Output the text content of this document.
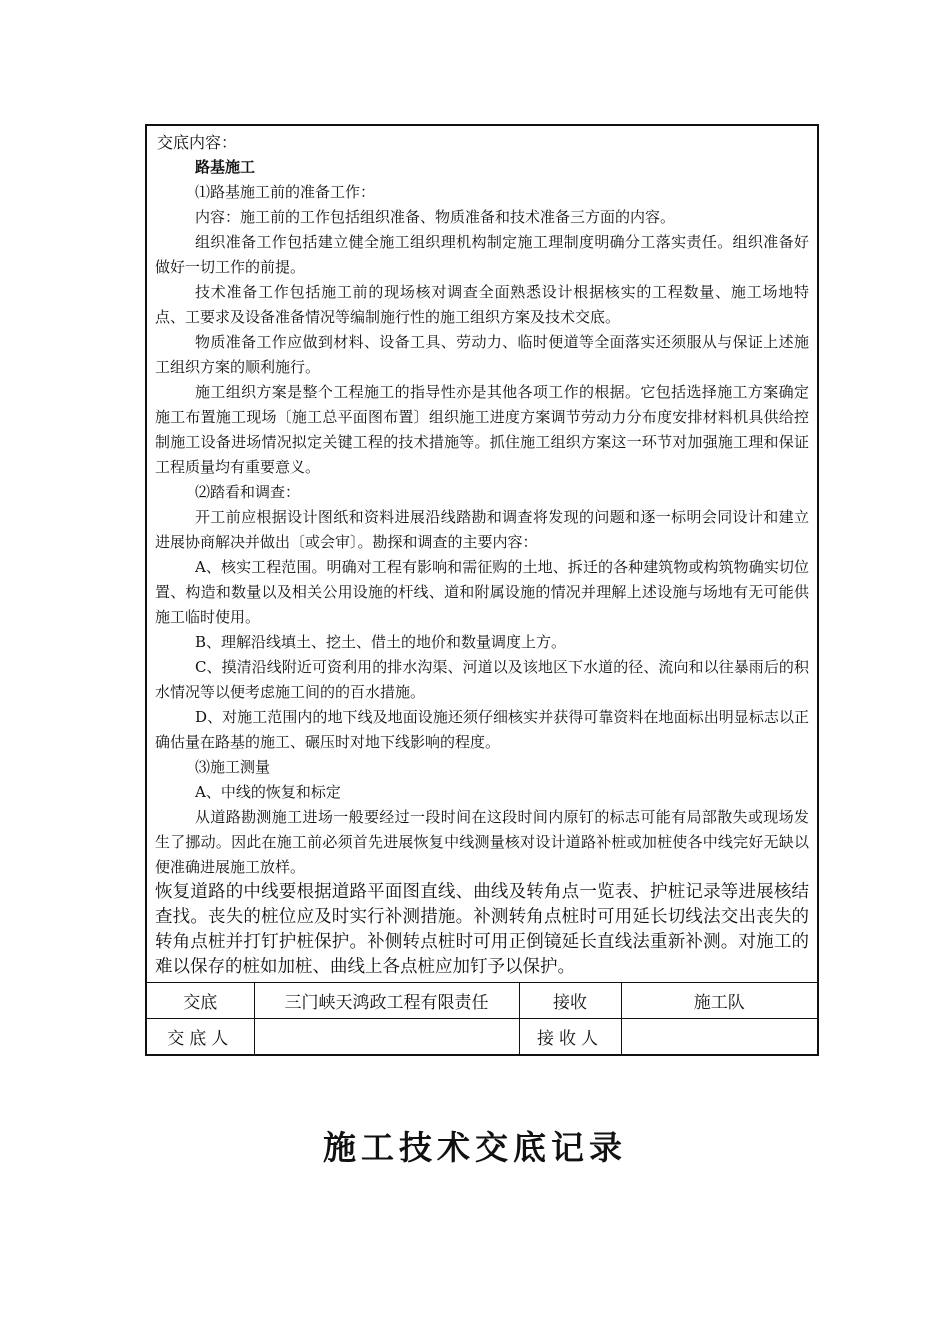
交底内容：

路基施工

⑴路基施工前的准备工作：

内容：施工前的工作包括组织准备、物质准备和技术准备三方面的内容。

组织准备工作包括建立健全施工组织理机构制定施工理制度明确分工落实责任。组织准备好做好一切工作的前提。

技术准备工作包括施工前的现场核对调查全面熟悉设计根据核实的工程数量、施工场地特点、工要求及设备准备情况等编制施行性的施工组织方案及技术交底。

物质准备工作应做到材料、设备工具、劳动力、临时便道等全面落实还须服从与保证上述施工组织方案的顺利施行。

施工组织方案是整个工程施工的指导性亦是其他各项工作的根据。它包括选择施工方案确定施工布置施工现场〔施工总平面图布置〕组织施工进度方案调节劳动力分布度安排材料机具供给控制施工设备进场情况拟定关键工程的技术措施等。抓住施工组织方案这一环节对加强施工理和保证工程质量均有重要意义。

⑵踏看和调查：

开工前应根据设计图纸和资料进展沿线踏勘和调查将发现的问题和逐一标明会同设计和建立进展协商解决并做出〔或会审〕。勘探和调查的主要内容：

A、核实工程范围。明确对工程有影响和需征购的土地、拆迁的各种建筑物或构筑物确实切位置、构造和数量以及相关公用设施的杆线、道和附属设施的情况并理解上述设施与场地有无可能供施工临时使用。

B、理解沿线填土、挖土、借土的地价和数量调度上方。

C、摸清沿线附近可资利用的排水沟渠、河道以及该地区下水道的径、流向和以往暴雨后的积水情况等以便考虑施工间的的百水措施。

D、对施工范围内的地下线及地面设施还须仔细核实并获得可靠资料在地面标出明显标志以正确估量在路基的施工、碾压时对地下线影响的程度。

⑶施工测量

A、中线的恢复和标定

从道路勘测施工进场一般要经过一段时间在这段时间内原钉的标志可能有局部散失或现场发生了挪动。因此在施工前必须首先进展恢复中线测量核对设计道路补桩或加桩使各中线完好无缺以便准确进展施工放样。

恢复道路的中线要根据道路平面图直线、曲线及转角点一览表、护桩记录等进展核结查找。丧失的桩位应及时实行补测措施。补测转角点桩时可用延长切线法交出丧失的转角点桩并打钉护桩保护。补侧转点桩时可用正倒镜延长直线法重新补测。对施工的难以保存的桩如加桩、曲线上各点桩应加钉予以保护。

交底	三门峡天鸿政工程有限责任	接收	施工队
交底人		接收人	
施工技术交底记录
